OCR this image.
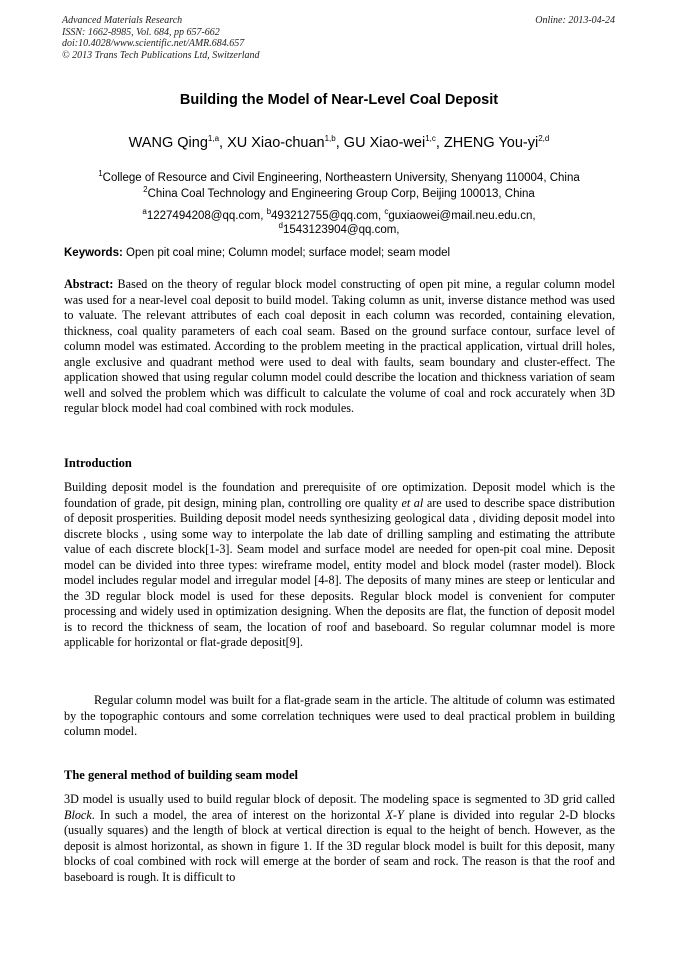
Advanced Materials Research
ISSN: 1662-8985, Vol. 684, pp 657-662
doi:10.4028/www.scientific.net/AMR.684.657
© 2013 Trans Tech Publications Ltd, Switzerland
Online: 2013-04-24
Building the Model of Near-Level Coal Deposit
WANG Qing$^{1,a}$, XU Xiao-chuan$^{1,b}$, GU Xiao-wei$^{1,c}$, ZHENG You-yi$^{2,d}$
$^1$College of Resource and Civil Engineering, Northeastern University, Shenyang 110004, China
$^2$China Coal Technology and Engineering Group Corp, Beijing 100013, China
$^a$1227494208@qq.com, $^b$493212755@qq.com, $^c$guxiaowei@mail.neu.edu.cn,
$^d$1543123904@qq.com,
Keywords: Open pit coal mine; Column model; surface model; seam model
Abstract: Based on the theory of regular block model constructing of open pit mine, a regular column model was used for a near-level coal deposit to build model. Taking column as unit, inverse distance method was used to valuate. The relevant attributes of each coal deposit in each column was recorded, containing elevation, thickness, coal quality parameters of each coal seam. Based on the ground surface contour, surface level of column model was estimated. According to the problem meeting in the practical application, virtual drill holes, angle exclusive and quadrant method were used to deal with faults, seam boundary and cluster-effect. The application showed that using regular column model could describe the location and thickness variation of seam well and solved the problem which was difficult to calculate the volume of coal and rock accurately when 3D regular block model had coal combined with rock modules.
Introduction
Building deposit model is the foundation and prerequisite of ore optimization. Deposit model which is the foundation of grade, pit design, mining plan, controlling ore quality et al are used to describe space distribution of deposit prosperities. Building deposit model needs synthesizing geological data , dividing deposit model into discrete blocks , using some way to interpolate the lab date of drilling sampling and estimating the attribute value of each discrete block[1-3]. Seam model and surface model are needed for open-pit coal mine. Deposit model can be divided into three types: wireframe model, entity model and block model (raster model). Block model includes regular model and irregular model [4-8]. The deposits of many mines are steep or lenticular and the 3D regular block model is used for these deposits. Regular block model is convenient for computer processing and widely used in optimization designing. When the deposits are flat, the function of deposit model is to record the thickness of seam, the location of roof and baseboard. So regular columnar model is more applicable for horizontal or flat-grade deposit[9].
Regular column model was built for a flat-grade seam in the article. The altitude of column was estimated by the topographic contours and some correlation techniques were used to deal practical problem in building column model.
The general method of building seam model
3D model is usually used to build regular block of deposit. The modeling space is segmented to 3D grid called Block. In such a model, the area of interest on the horizontal X-Y plane is divided into regular 2-D blocks (usually squares) and the length of block at vertical direction is equal to the height of bench. However, as the deposit is almost horizontal, as shown in figure 1. If the 3D regular block model is built for this deposit, many blocks of coal combined with rock will emerge at the border of seam and rock. The reason is that the roof and baseboard is rough. It is difficult to
